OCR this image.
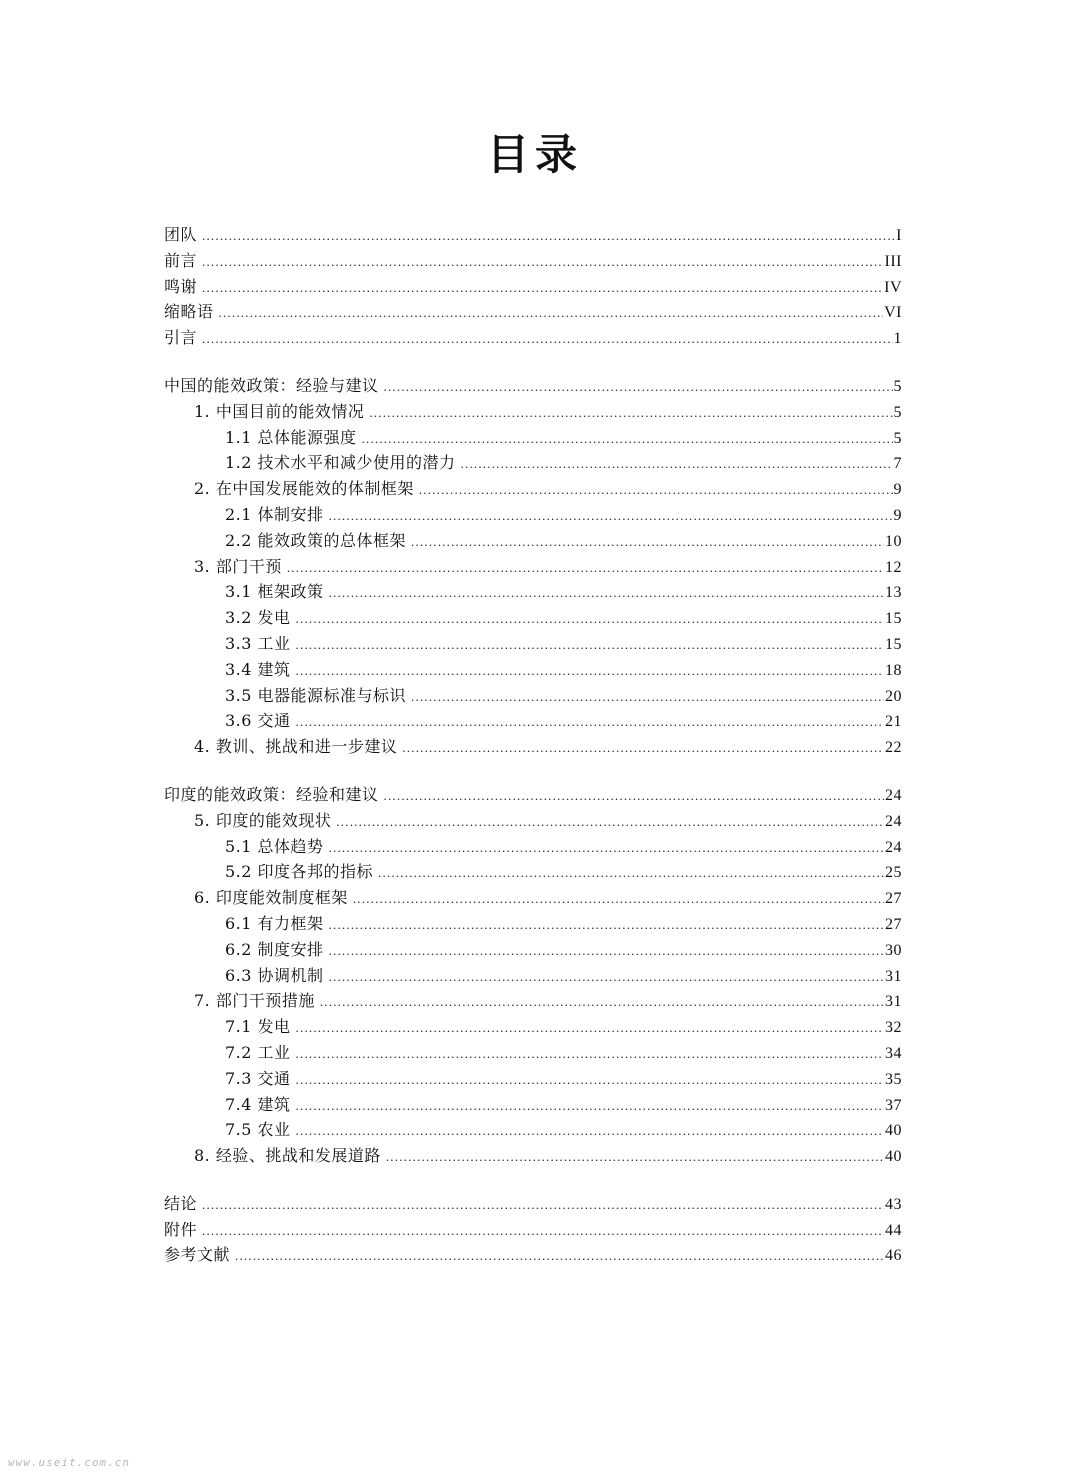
目录
团队 .....	I
前言 .....	III
鸣谢 .....	IV
缩略语 .....	VI
引言 .....	1
中国的能效政策：经验与建议 .....	5
1. 中国目前的能效情况 .....	5
1.1 总体能源强度 .....	5
1.2 技术水平和减少使用的潜力 .....	7
2. 在中国发展能效的体制框架 .....	9
2.1 体制安排 .....	9
2.2 能效政策的总体框架 .....	10
3. 部门干预 .....	12
3.1 框架政策 .....	13
3.2 发电 .....	15
3.3 工业 .....	15
3.4 建筑 .....	18
3.5 电器能源标准与标识 .....	20
3.6 交通 .....	21
4. 教训、挑战和进一步建议 .....	22
印度的能效政策：经验和建议 .....	24
5. 印度的能效现状 .....	24
5.1 总体趋势 .....	24
5.2 印度各邦的指标 .....	25
6. 印度能效制度框架 .....	27
6.1 有力框架 .....	27
6.2 制度安排 .....	30
6.3 协调机制 .....	31
7. 部门干预措施 .....	31
7.1 发电 .....	32
7.2 工业 .....	34
7.3 交通 .....	35
7.4 建筑 .....	37
7.5 农业 .....	40
8. 经验、挑战和发展道路 .....	40
结论 .....	43
附件 .....	44
参考文献 .....	46
www.useit.com.cn
